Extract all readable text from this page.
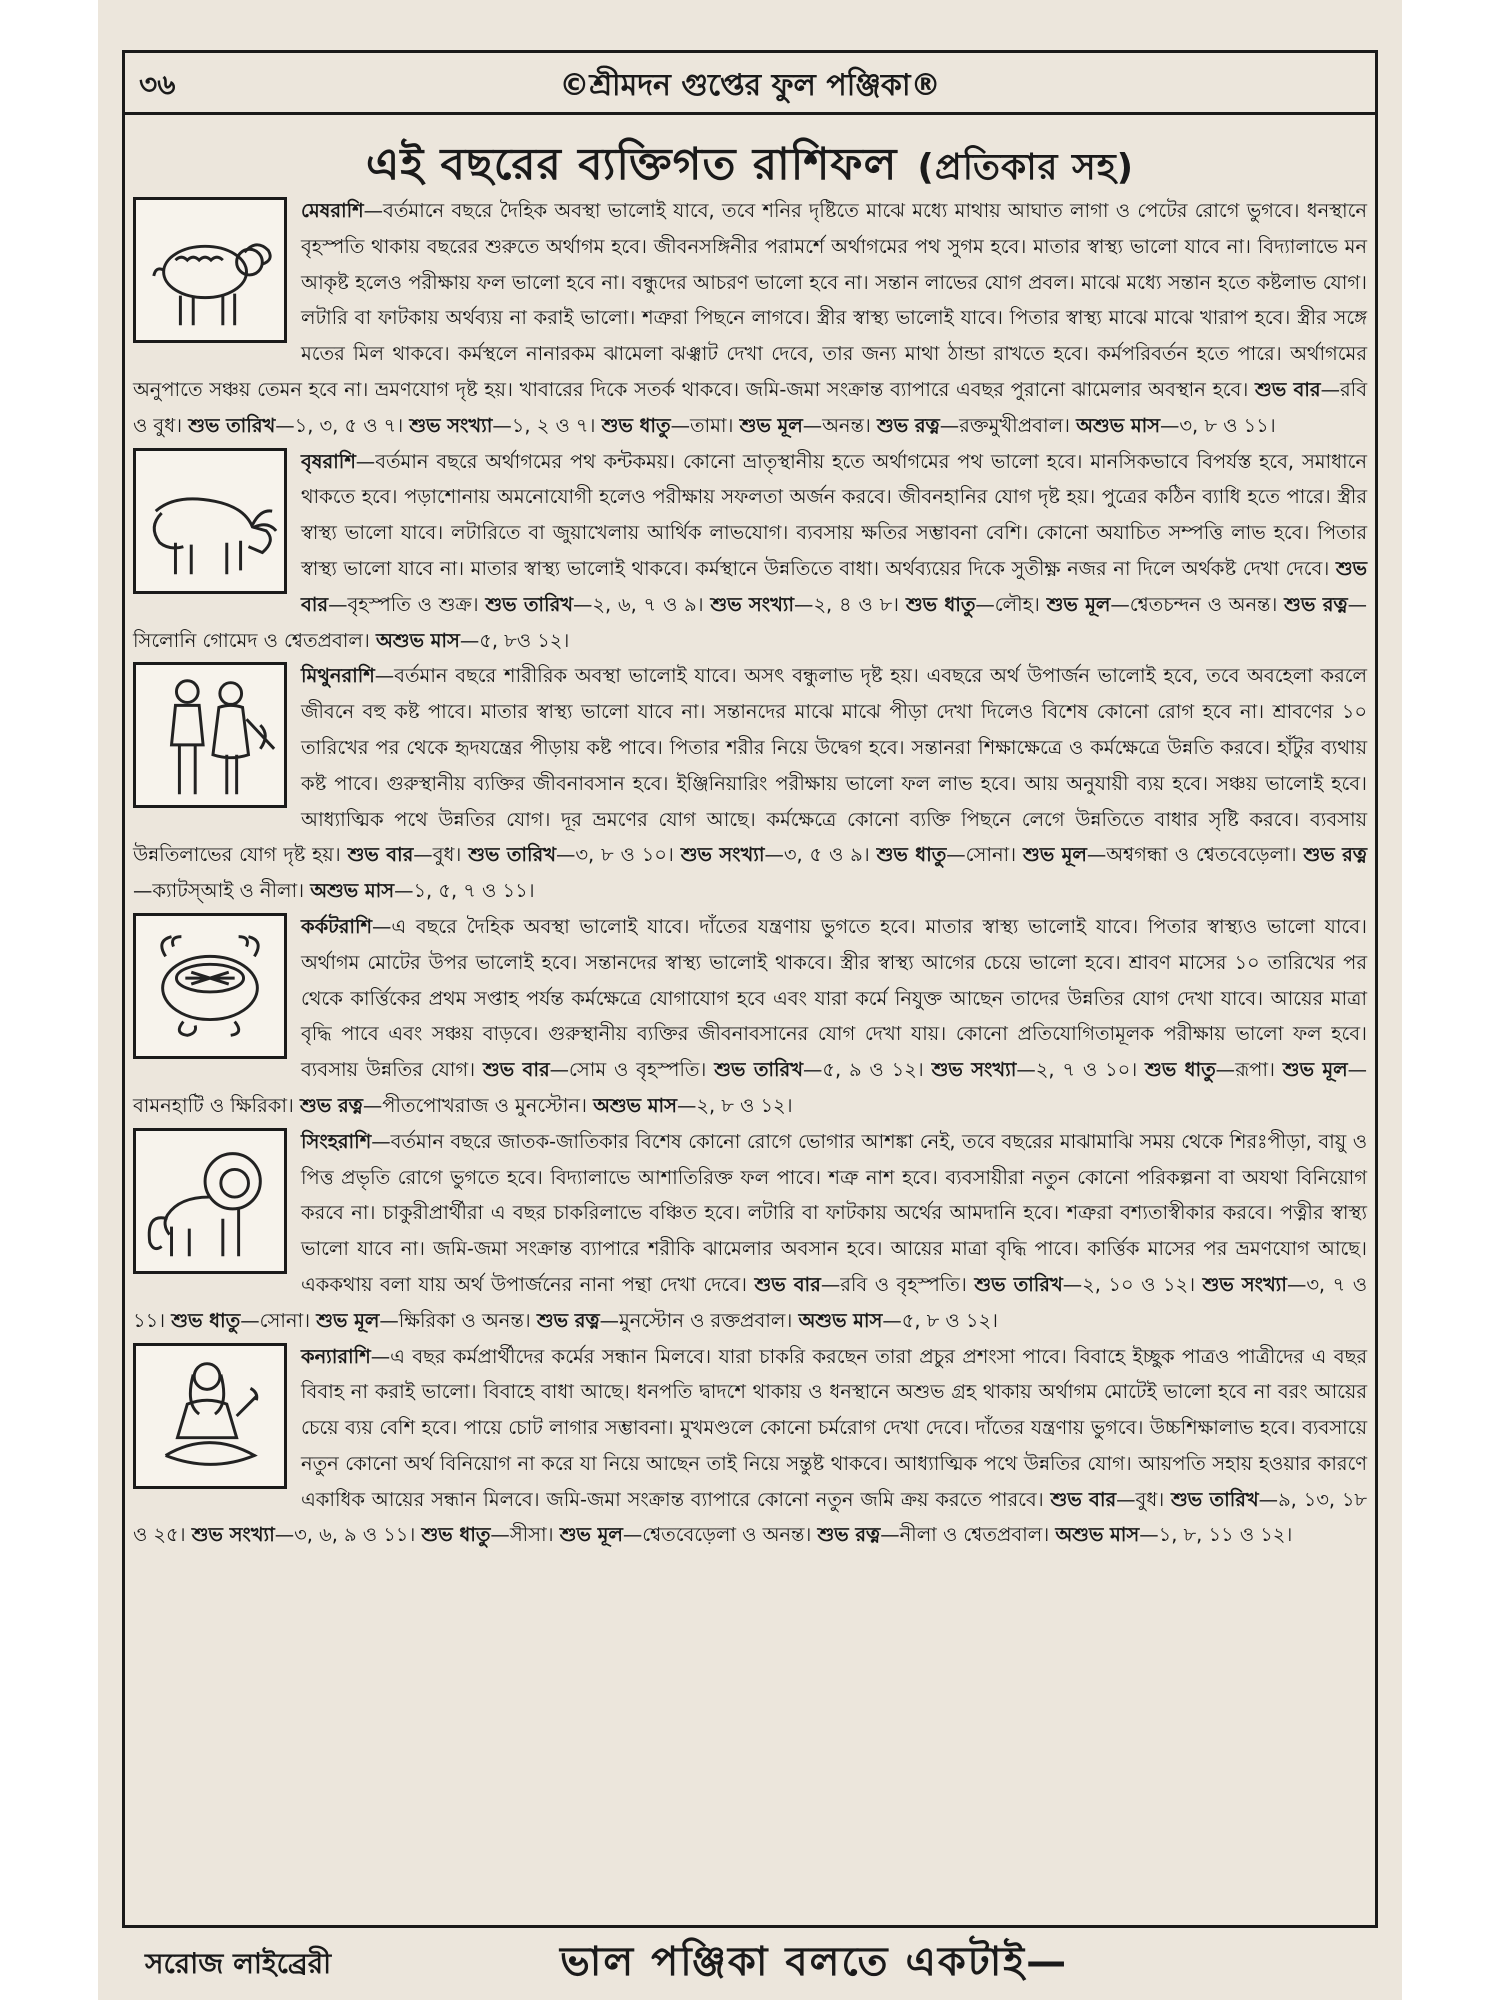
৩৬	©শ্রীমদন গুপ্তের ফুল পঞ্জিকা®
এই বছরের ব্যক্তিগত রাশিফল (প্রতিকার সহ)
মেষরাশি—বর্তমানে বছরে দৈহিক অবস্থা ভালোই যাবে, তবে শনির দৃষ্টিতে মাঝে মধ্যে মাথায় আঘাত লাগা ও পেটের রোগে ভুগবে। ধনস্থানে বৃহস্পতি থাকায় বছরের শুরুতে অর্থাগম হবে। জীবনসঙ্গিনীর পরামর্শে অর্থাগমের পথ সুগম হবে। মাতার স্বাস্থ্য ভালো যাবে না। বিদ্যালাভে মন আকৃষ্ট হলেও পরীক্ষায় ফল ভালো হবে না। বন্ধুদের আচরণ ভালো হবে না। সন্তান লাভের যোগ প্রবল। মাঝে মধ্যে সন্তান হতে কষ্টলাভ যোগ। লটারি বা ফাটকায় অর্থব্যয় না করাই ভালো। শত্রুরা পিছনে লাগবে। স্ত্রীর স্বাস্থ্য ভালোই যাবে। পিতার স্বাস্থ্য মাঝে মাঝে খারাপ হবে। স্ত্রীর সঙ্গে মতের মিল থাকবে। কর্মস্থলে নানারকম ঝামেলা ঝঞ্ঝাট দেখা দেবে, তার জন্য মাথা ঠান্ডা রাখতে হবে। কর্মপরিবর্তন হতে পারে। অর্থাগমের অনুপাতে সঞ্চয় তেমন হবে না। ভ্রমণযোগ দৃষ্ট হয়। খাবারের দিকে সতর্ক থাকবে। জমি-জমা সংক্রান্ত ব্যাপারে এবছর পুরানো ঝামেলার অবস্থান হবে। শুভ বার—রবি ও বুধ। শুভ তারিখ—১, ৩, ৫ ও ৭। শুভ সংখ্যা—১, ২ ও ৭। শুভ ধাতু—তামা। শুভ মূল—অনন্ত। শুভ রত্ন—রক্তমুখীপ্রবাল। অশুভ মাস—৩, ৮ ও ১১।
বৃষরাশি—বর্তমান বছরে অর্থাগমের পথ কন্টকময়। কোনো ভ্রাতৃস্থানীয় হতে অর্থাগমের পথ ভালো হবে। মানসিকভাবে বিপর্যস্ত হবে, সমাধানে থাকতে হবে। পড়াশোনায় অমনোযোগী হলেও পরীক্ষায় সফলতা অর্জন করবে। জীবনহানির যোগ দৃষ্ট হয়। পুত্রের কঠিন ব্যাধি হতে পারে। স্ত্রীর স্বাস্থ্য ভালো যাবে। লটারিতে বা জুয়াখেলায় আর্থিক লাভযোগ। ব্যবসায় ক্ষতির সম্ভাবনা বেশি। কোনো অযাচিত সম্পত্তি লাভ হবে। পিতার স্বাস্থ্য ভালো যাবে না। মাতার স্বাস্থ্য ভালোই থাকবে। কর্মস্থানে উন্নতিতে বাধা। অর্থব্যয়ের দিকে সুতীক্ষ্ণ নজর না দিলে অর্থকষ্ট দেখা দেবে। শুভ বার—বৃহস্পতি ও শুক্র। শুভ তারিখ—২, ৬, ৭ ও ৯। শুভ সংখ্যা—২, ৪ ও ৮। শুভ ধাতু—লৌহ। শুভ মূল—শ্বেতচন্দন ও অনন্ত। শুভ রত্ন—সিলোনি গোমেদ ও শ্বেতপ্রবাল। অশুভ মাস—৫, ৮ও ১২।
মিথুনরাশি—বর্তমান বছরে শারীরিক অবস্থা ভালোই যাবে। অসৎ বন্ধুলাভ দৃষ্ট হয়। এবছরে অর্থ উপার্জন ভালোই হবে, তবে অবহেলা করলে জীবনে বহু কষ্ট পাবে। মাতার স্বাস্থ্য ভালো যাবে না। সন্তানদের মাঝে মাঝে পীড়া দেখা দিলেও বিশেষ কোনো রোগ হবে না। শ্রাবণের ১০ তারিখের পর থেকে হৃদযন্ত্রের পীড়ায় কষ্ট পাবে। পিতার শরীর নিয়ে উদ্বেগ হবে। সন্তানরা শিক্ষাক্ষেত্রে ও কর্মক্ষেত্রে উন্নতি করবে। হাঁটুর ব্যথায় কষ্ট পাবে। গুরুস্থানীয় ব্যক্তির জীবনাবসান হবে। ইঞ্জিনিয়ারিং পরীক্ষায় ভালো ফল লাভ হবে। আয় অনুযায়ী ব্যয় হবে। সঞ্চয় ভালোই হবে। আধ্যাত্মিক পথে উন্নতির যোগ। দূর ভ্রমণের যোগ আছে। কর্মক্ষেত্রে কোনো ব্যক্তি পিছনে লেগে উন্নতিতে বাধার সৃষ্টি করবে। ব্যবসায় উন্নতিলাভের যোগ দৃষ্ট হয়। শুভ বার—বুধ। শুভ তারিখ—৩, ৮ ও ১০। শুভ সংখ্যা—৩, ৫ ও ৯। শুভ ধাতু—সোনা। শুভ মূল—অশ্বগন্ধা ও শ্বেতবেড়েলা। শুভ রত্ন—ক্যাটস্আই ও নীলা। অশুভ মাস—১, ৫, ৭ ও ১১।
কর্কটরাশি—এ বছরে দৈহিক অবস্থা ভালোই যাবে। দাঁতের যন্ত্রণায় ভুগতে হবে। মাতার স্বাস্থ্য ভালোই যাবে। পিতার স্বাস্থ্যও ভালো যাবে। অর্থাগম মোটের উপর ভালোই হবে। সন্তানদের স্বাস্থ্য ভালোই থাকবে। স্ত্রীর স্বাস্থ্য আগের চেয়ে ভালো হবে। শ্রাবণ মাসের ১০ তারিখের পর থেকে কার্ত্তিকের প্রথম সপ্তাহ পর্যন্ত কর্মক্ষেত্রে যোগাযোগ হবে এবং যারা কর্মে নিযুক্ত আছেন তাদের উন্নতির যোগ দেখা যাবে। আয়ের মাত্রা বৃদ্ধি পাবে এবং সঞ্চয় বাড়বে। গুরুস্থানীয় ব্যক্তির জীবনাবসানের যোগ দেখা যায়। কোনো প্রতিযোগিতামূলক পরীক্ষায় ভালো ফল হবে। ব্যবসায় উন্নতির যোগ। শুভ বার—সোম ও বৃহস্পতি। শুভ তারিখ—৫, ৯ ও ১২। শুভ সংখ্যা—২, ৭ ও ১০। শুভ ধাতু—রূপা। শুভ মূল—বামনহাটি ও ক্ষিরিকা। শুভ রত্ন—পীতপোখরাজ ও মুনস্টোন। অশুভ মাস—২, ৮ ও ১২।
সিংহরাশি—বর্তমান বছরে জাতক-জাতিকার বিশেষ কোনো রোগে ভোগার আশঙ্কা নেই, তবে বছরের মাঝামাঝি সময় থেকে শিরঃপীড়া, বায়ু ও পিত্ত প্রভৃতি রোগে ভুগতে হবে। বিদ্যালাভে আশাতিরিক্ত ফল পাবে। শত্রু নাশ হবে। ব্যবসায়ীরা নতুন কোনো পরিকল্পনা বা অযথা বিনিয়োগ করবে না। চাকুরীপ্রার্থীরা এ বছর চাকরিলাভে বঞ্চিত হবে। লটারি বা ফাটকায় অর্থের আমদানি হবে। শত্রুরা বশ্যতাস্বীকার করবে। পত্নীর স্বাস্থ্য ভালো যাবে না। জমি-জমা সংক্রান্ত ব্যাপারে শরীকি ঝামেলার অবসান হবে। আয়ের মাত্রা বৃদ্ধি পাবে। কার্ত্তিক মাসের পর ভ্রমণযোগ আছে। এককথায় বলা যায় অর্থ উপার্জনের নানা পন্থা দেখা দেবে। শুভ বার—রবি ও বৃহস্পতি। শুভ তারিখ—২, ১০ ও ১২। শুভ সংখ্যা—৩, ৭ ও ১১। শুভ ধাতু—সোনা। শুভ মূল—ক্ষিরিকা ও অনন্ত। শুভ রত্ন—মুনস্টোন ও রক্তপ্রবাল। অশুভ মাস—৫, ৮ ও ১২।
কন্যারাশি—এ বছর কর্মপ্রার্থীদের কর্মের সন্ধান মিলবে। যারা চাকরি করছেন তারা প্রচুর প্রশংসা পাবে। বিবাহে ইচ্ছুক পাত্রও পাত্রীদের এ বছর বিবাহ না করাই ভালো। বিবাহে বাধা আছে। ধনপতি দ্বাদশে থাকায় ও ধনস্থানে অশুভ গ্রহ থাকায় অর্থাগম মোটেই ভালো হবে না বরং আয়ের চেয়ে ব্যয় বেশি হবে। পায়ে চোট লাগার সম্ভাবনা। মুখমণ্ডলে কোনো চর্মরোগ দেখা দেবে। দাঁতের যন্ত্রণায় ভুগবে। উচ্চশিক্ষালাভ হবে। ব্যবসায়ে নতুন কোনো অর্থ বিনিয়োগ না করে যা নিয়ে আছেন তাই নিয়ে সন্তুষ্ট থাকবে। আধ্যাত্মিক পথে উন্নতির যোগ। আয়পতি সহায় হওয়ার কারণে একাধিক আয়ের সন্ধান মিলবে। জমি-জমা সংক্রান্ত ব্যাপারে কোনো নতুন জমি ক্রয় করতে পারবে। শুভ বার—বুধ। শুভ তারিখ—৯, ১৩, ১৮ ও ২৫। শুভ সংখ্যা—৩, ৬, ৯ ও ১১। শুভ ধাতু—সীসা। শুভ মূল—শ্বেতবেড়েলা ও অনন্ত। শুভ রত্ন—নীলা ও শ্বেতপ্রবাল। অশুভ মাস—১, ৮, ১১ ও ১২।
সরোজ লাইব্রেরী	ভাল পঞ্জিকা বলতে একটাই—
